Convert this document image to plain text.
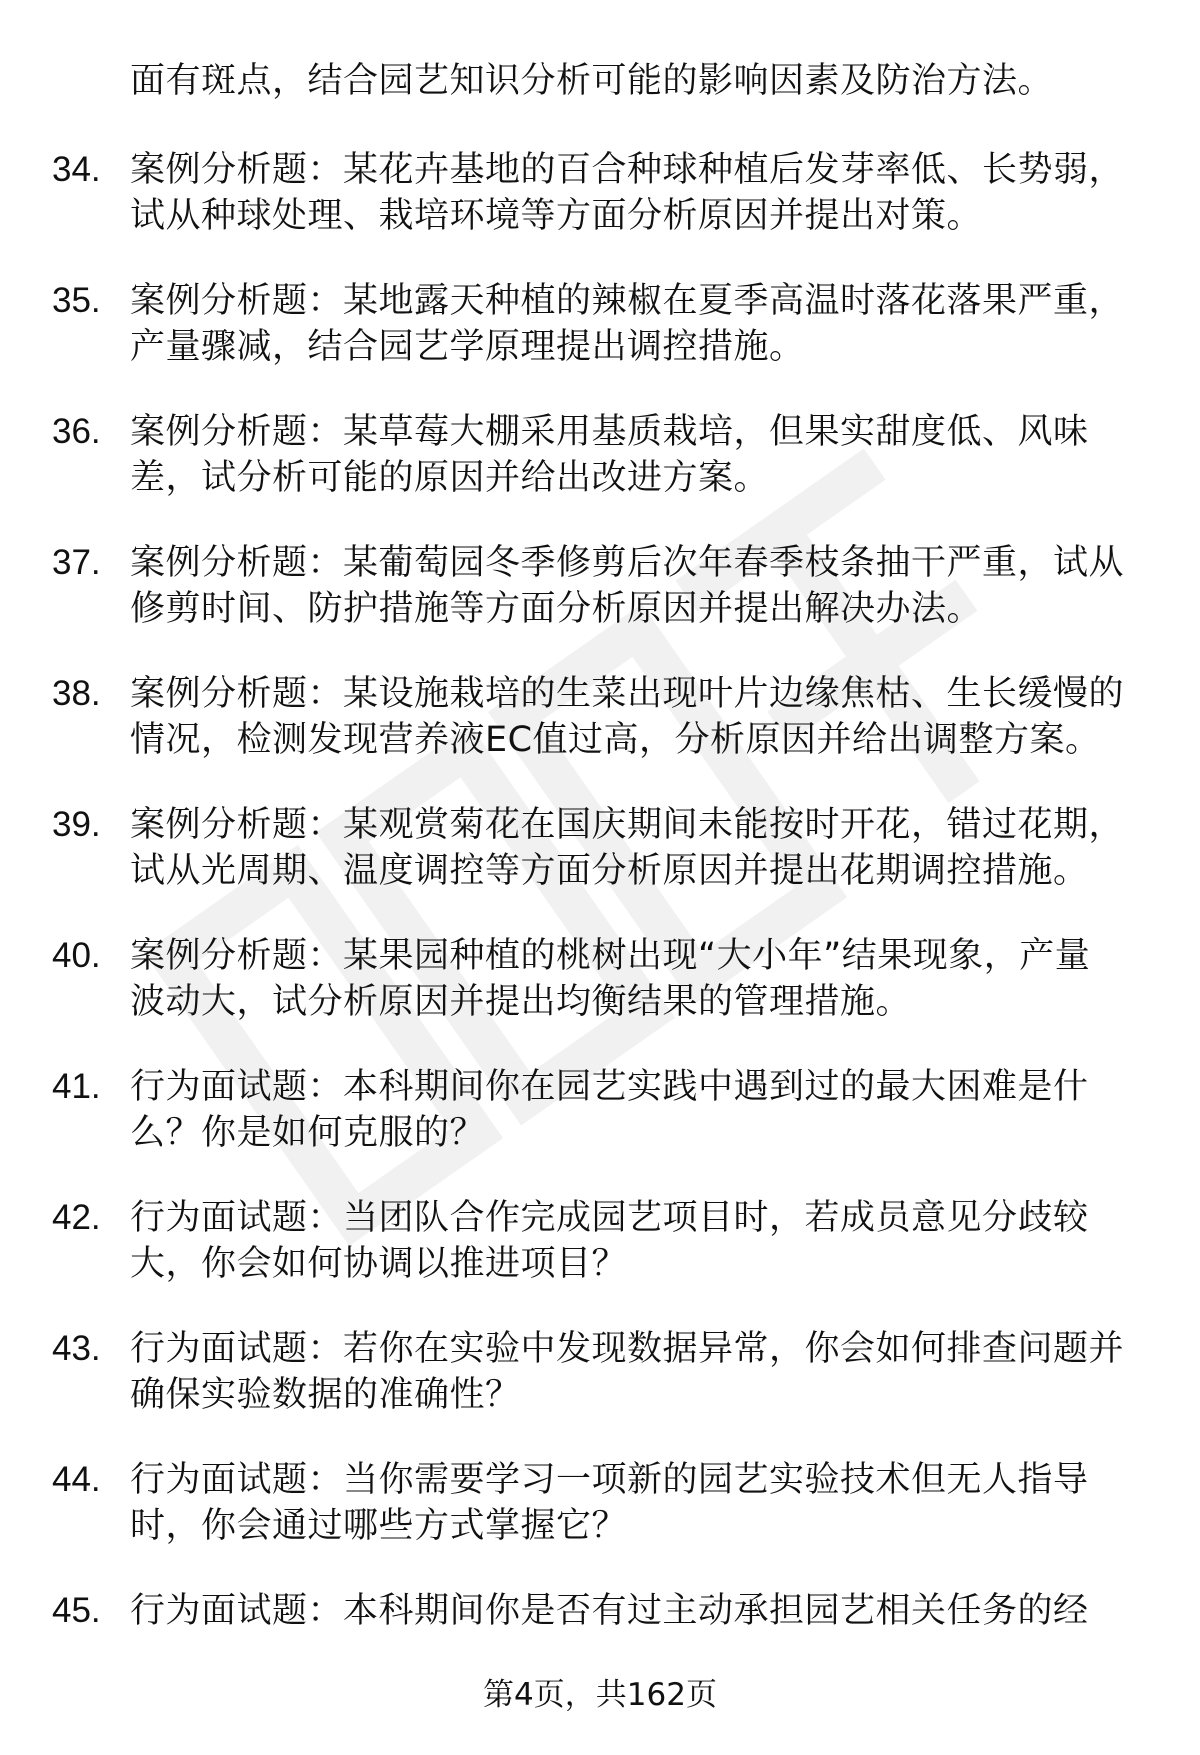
面有斑点，结合园艺知识分析可能的影响因素及防治方法。
34. 案例分析题：某花卉基地的百合种球种植后发芽率低、长势弱，
试从种球处理、栽培环境等方面分析原因并提出对策。
35. 案例分析题：某地露天种植的辣椒在夏季高温时落花落果严重，
产量骤减，结合园艺学原理提出调控措施。
36. 案例分析题：某草莓大棚采用基质栽培，但果实甜度低、风味
差，试分析可能的原因并给出改进方案。
37. 案例分析题：某葡萄园冬季修剪后次年春季枝条抽干严重，试从
修剪时间、防护措施等方面分析原因并提出解决办法。
38. 案例分析题：某设施栽培的生菜出现叶片边缘焦枯、生长缓慢的
情况，检测发现营养液EC值过高，分析原因并给出调整方案。
39. 案例分析题：某观赏菊花在国庆期间未能按时开花，错过花期，
试从光周期、温度调控等方面分析原因并提出花期调控措施。
40. 案例分析题：某果园种植的桃树出现“大小年”结果现象，产量
波动大，试分析原因并提出均衡结果的管理措施。
41. 行为面试题：本科期间你在园艺实践中遇到过的最大困难是什
么？你是如何克服的？
42. 行为面试题：当团队合作完成园艺项目时，若成员意见分歧较
大，你会如何协调以推进项目？
43. 行为面试题：若你在实验中发现数据异常，你会如何排查问题并
确保实验数据的准确性？
44. 行为面试题：当你需要学习一项新的园艺实验技术但无人指导
时，你会通过哪些方式掌握它？
45. 行为面试题：本科期间你是否有过主动承担园艺相关任务的经
第4页，共162页
